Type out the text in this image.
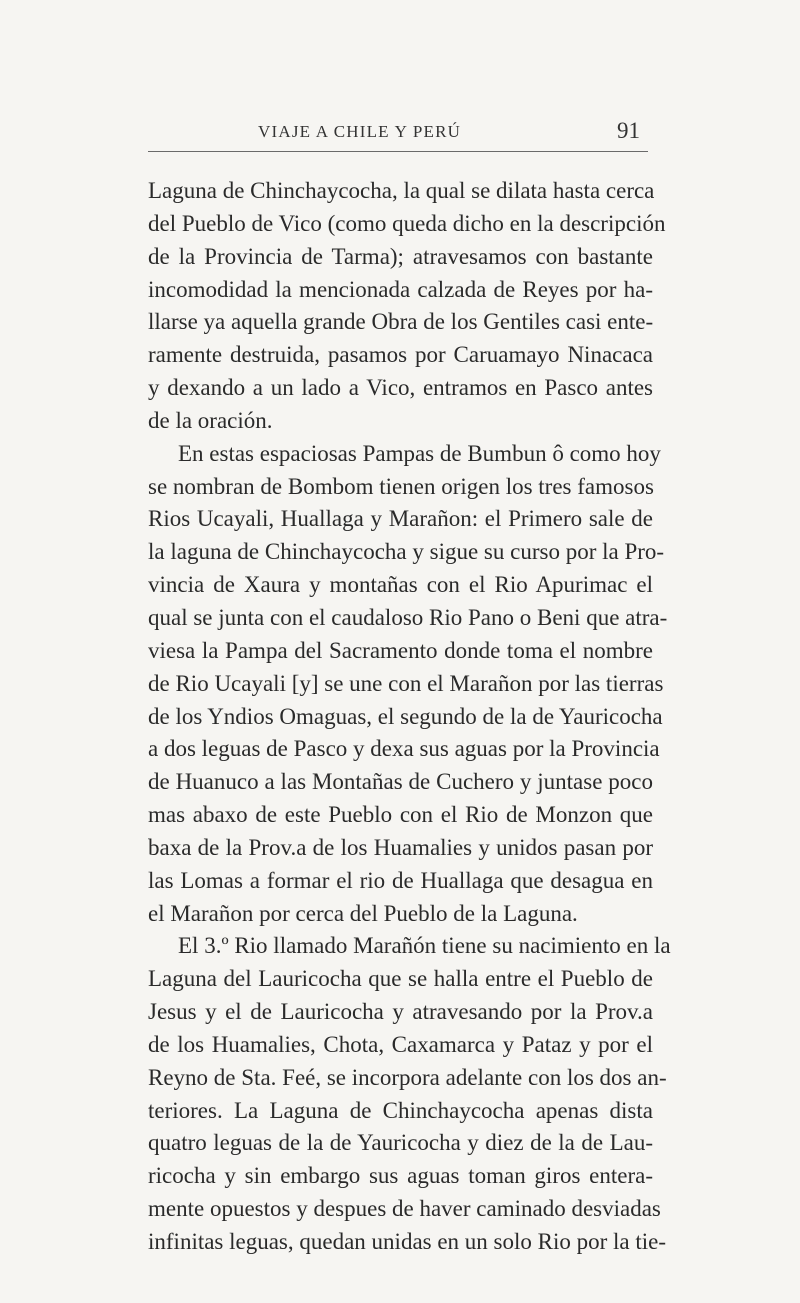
VIAJE A CHILE Y PERÚ	91
Laguna de Chinchaycocha, la qual se dilata hasta cerca
del Pueblo de Vico (como queda dicho en la descripción
de la Provincia de Tarma); atravesamos con bastante
incomodidad la mencionada calzada de Reyes por ha-
llarse ya aquella grande Obra de los Gentiles casi ente-
ramente destruida, pasamos por Caruamayo Ninacaca
y dexando a un lado a Vico, entramos en Pasco antes
de la oración.
En estas espaciosas Pampas de Bumbun ô como hoy
se nombran de Bombom tienen origen los tres famosos
Rios Ucayali, Huallaga y Marañon: el Primero sale de
la laguna de Chinchaycocha y sigue su curso por la Pro-
vincia de Xaura y montañas con el Rio Apurimac el
qual se junta con el caudaloso Rio Pano o Beni que atra-
viesa la Pampa del Sacramento donde toma el nombre
de Rio Ucayali [y] se une con el Marañon por las tierras
de los Yndios Omaguas, el segundo de la de Yauricocha
a dos leguas de Pasco y dexa sus aguas por la Provincia
de Huanuco a las Montañas de Cuchero y juntase poco
mas abaxo de este Pueblo con el Rio de Monzon que
baxa de la Prov.a de los Huamalies y unidos pasan por
las Lomas a formar el rio de Huallaga que desagua en
el Marañon por cerca del Pueblo de la Laguna.
El 3.º Rio llamado Marañón tiene su nacimiento en la
Laguna del Lauricocha que se halla entre el Pueblo de
Jesus y el de Lauricocha y atravesando por la Prov.a
de los Huamalies, Chota, Caxamarca y Pataz y por el
Reyno de Sta. Feé, se incorpora adelante con los dos an-
teriores. La Laguna de Chinchaycocha apenas dista
quatro leguas de la de Yauricocha y diez de la de Lau-
ricocha y sin embargo sus aguas toman giros entera-
mente opuestos y despues de haver caminado desviadas
infinitas leguas, quedan unidas en un solo Rio por la tie-
